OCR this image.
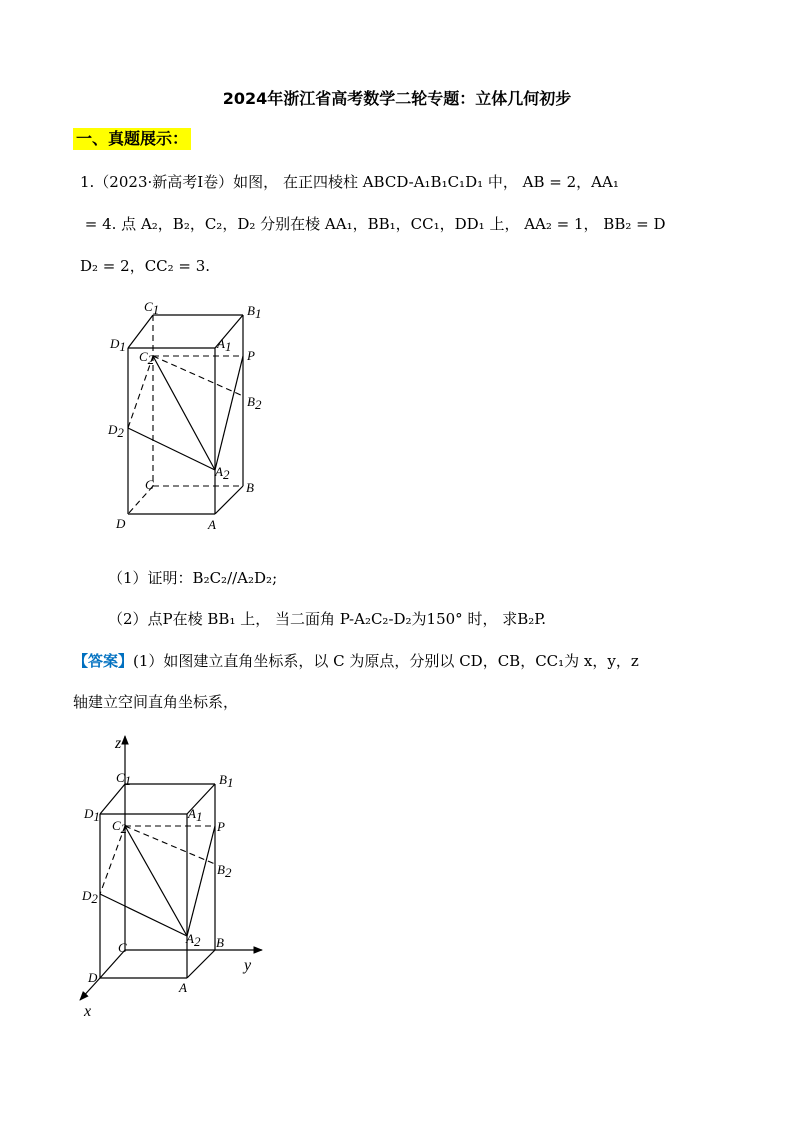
2024年浙江省高考数学二轮专题：立体几何初步
一、真题展示：
1.（2023·新高考Ⅰ卷）如图， 在正四棱柱 ABCD-A₁B₁C₁D₁ 中， AB = 2，AA₁
= 4. 点 A₂，B₂，C₂，D₂ 分别在棱 AA₁，BB₁，CC₁，DD₁ 上， AA₂ = 1， BB₂ = D
D₂ = 2，CC₂ = 3.
C1	B1
D1	A1
C2	P
B2
D2
A2
C	B
D	A
（1）证明：B₂C₂//A₂D₂;
（2）点P在棱 BB₁ 上， 当二面角 P-A₂C₂-D₂为150° 时， 求B₂P.
【答案】(1）如图建立直角坐标系，以 C 为原点，分别以 CD，CB，CC₁为 x，y，z
轴建立空间直角坐标系，
z
y
x
C1	B1
D1	A1
C2	P
B2
D2
A2
C	B
D
A
